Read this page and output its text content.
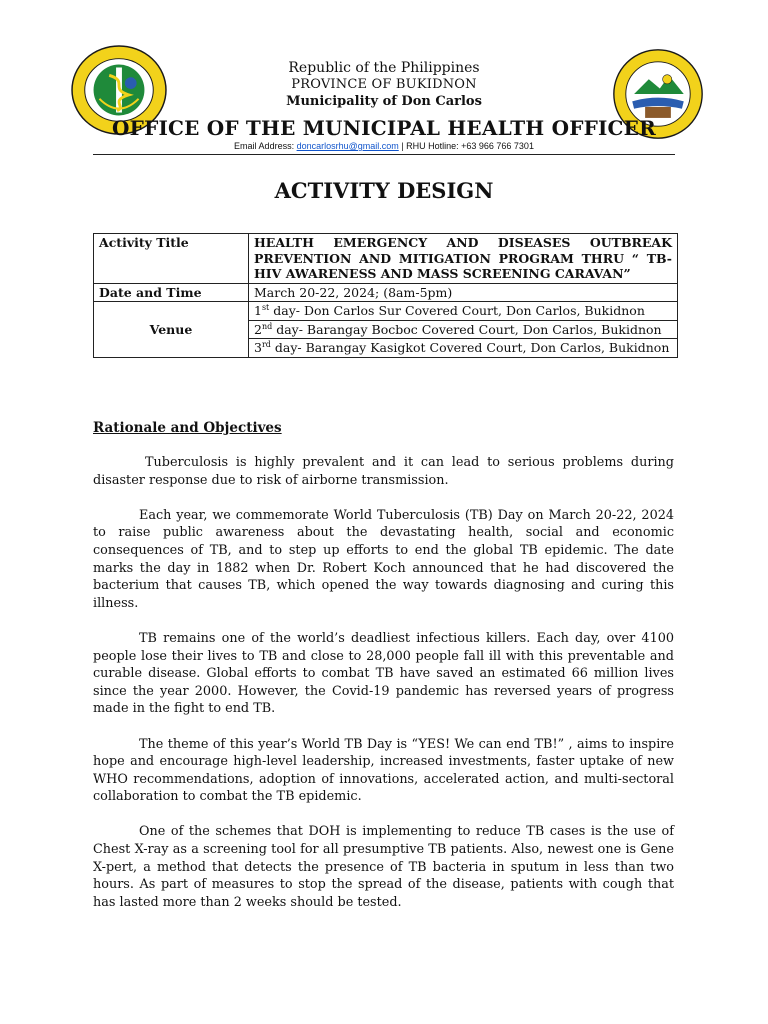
Republic of the Philippines
PROVINCE OF BUKIDNON
Municipality of Don Carlos
OFFICE OF THE MUNICIPAL HEALTH OFFICER
Email Address: doncarlosrhu@gmail.com | RHU Hotline: +63 966 766 7301
ACTIVITY DESIGN
Activity Title	HEALTH EMERGENCY AND DISEASES OUTBREAK PREVENTION AND MITIGATION PROGRAM THRU “ TB-HIV AWARENESS AND MASS SCREENING CARAVAN”
Date and Time	March 20-22, 2024; (8am-5pm)
Venue	1st day- Don Carlos Sur Covered Court, Don Carlos, Bukidnon
	2nd day- Barangay Bocboc Covered Court, Don Carlos, Bukidnon
	3rd day- Barangay Kasigkot Covered Court, Don Carlos, Bukidnon
Rationale and Objectives

Tuberculosis is highly prevalent and it can lead to serious problems during disaster response due to risk of airborne transmission.

Each year, we commemorate World Tuberculosis (TB) Day on March 20-22, 2024 to raise public awareness about the devastating health, social and economic consequences of TB, and to step up efforts to end the global TB epidemic. The date marks the day in 1882 when Dr. Robert Koch announced that he had discovered the bacterium that causes TB, which opened the way towards diagnosing and curing this illness.

TB remains one of the world’s deadliest infectious killers. Each day, over 4100 people lose their lives to TB and close to 28,000 people fall ill with this preventable and curable disease. Global efforts to combat TB have saved an estimated 66 million lives since the year 2000. However, the Covid-19 pandemic has reversed years of progress made in the fight to end TB.

The theme of this year’s World TB Day is “YES! We can end TB!” , aims to inspire hope and encourage high-level leadership, increased investments, faster uptake of new WHO recommendations, adoption of innovations, accelerated action, and multi-sectoral collaboration to combat the TB epidemic.

One of the schemes that DOH is implementing to reduce TB cases is the use of Chest X-ray as a screening tool for all presumptive TB patients. Also, newest one is Gene X-pert, a method that detects the presence of TB bacteria in sputum in less than two hours. As part of measures to stop the spread of the disease, patients with cough that has lasted more than 2 weeks should be tested.
